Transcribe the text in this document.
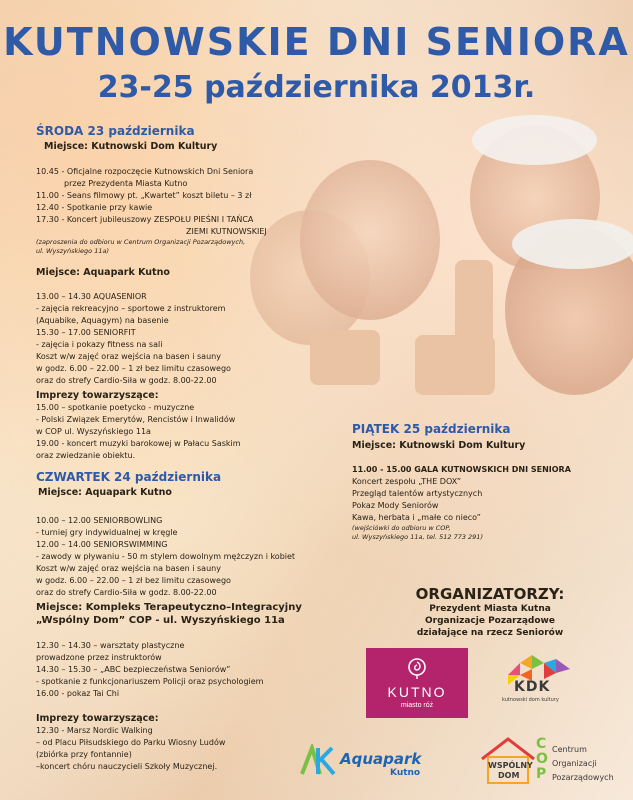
KUTNOWSKIE DNI SENIORA
23-25 października 2013r.
ŚRODA 23 października
Miejsce: Kutnowski Dom Kultury
10.45 - Oficjalne rozpoczęcie Kutnowskich Dni Seniora
przez Prezydenta Miasta Kutno
11.00 - Seans filmowy pt. „Kwartet” koszt biletu – 3 zł
12.40 - Spotkanie przy kawie
17.30 - Koncert jubileuszowy ZESPOŁU PIEŚNI I TAŃCA
ZIEMI KUTNOWSKIEJ
(zaproszenia do odbioru w Centrum Organizacji Pozarządowych,
ul. Wyszyńskiego 11a)
Miejsce: Aquapark Kutno
13.00 – 14.30 AQUASENIOR
- zajęcia rekreacyjno – sportowe z instruktorem
(Aquabike, Aquagym) na basenie
15.30 – 17.00 SENIORFIT
- zajęcia i pokazy fitness na sali
Koszt w/w zajęć oraz wejścia na basen i sauny
w godz. 6.00 – 22.00 – 1 zł bez limitu czasowego
oraz do strefy Cardio-Siła w godz. 8.00-22.00
Imprezy towarzyszące:
15.00 – spotkanie poetycko - muzyczne
- Polski Związek Emerytów, Rencistów i Inwalidów
w COP ul. Wyszyńskiego 11a
19.00 - koncert muzyki barokowej w Pałacu Saskim
oraz zwiedzanie obiektu.
CZWARTEK 24 października
Miejsce: Aquapark Kutno
10.00 – 12.00 SENIORBOWLING
- turniej gry indywidualnej w kręgle
12.00 – 14.00 SENIORSWIMMING
- zawody w pływaniu - 50 m stylem dowolnym mężczyzn i kobiet
Koszt w/w zajęć oraz wejścia na basen i sauny
w godz. 6.00 – 22.00 – 1 zł bez limitu czasowego
oraz do strefy Cardio-Siła w godz. 8.00-22.00
Miejsce: Kompleks Terapeutyczno–Integracyjny
„Wspólny Dom” COP - ul. Wyszyńskiego 11a
12.30 – 14.30 – warsztaty plastyczne
prowadzone przez instruktorów
14.30 – 15.30 – „ABC bezpieczeństwa Seniorów”
- spotkanie z funkcjonariuszem Policji oraz psychologiem
16.00 - pokaz Tai Chi
Imprezy towarzyszące:
12.30 - Marsz Nordic Walking
– od Placu Piłsudskiego do Parku Wiosny Ludów
(zbiórka przy fontannie)
–koncert chóru nauczycieli Szkoły Muzycznej.
PIĄTEK 25 października
Miejsce: Kutnowski Dom Kultury
11.00 - 15.00 GALA KUTNOWSKICH DNI SENIORA
Koncert zespołu „THE DOX”
Przegląd talentów artystycznych
Pokaz Mody Seniorów
Kawa, herbata i „małe co nieco”
(wejściówki do odbioru w COP,
ul. Wyszyńskiego 11a, tel. 512 773 291)
ORGANIZATORZY:
Prezydent Miasta Kutna
Organizacje Pozarządowe
działające na rzecz Seniorów
KUTNO
miasto róż
KDK
kutnowski dom kultury
Aquapark
Kutno
WSPÓLNY
DOM
COP
Centrum
Organizacji
Pozarządowych
